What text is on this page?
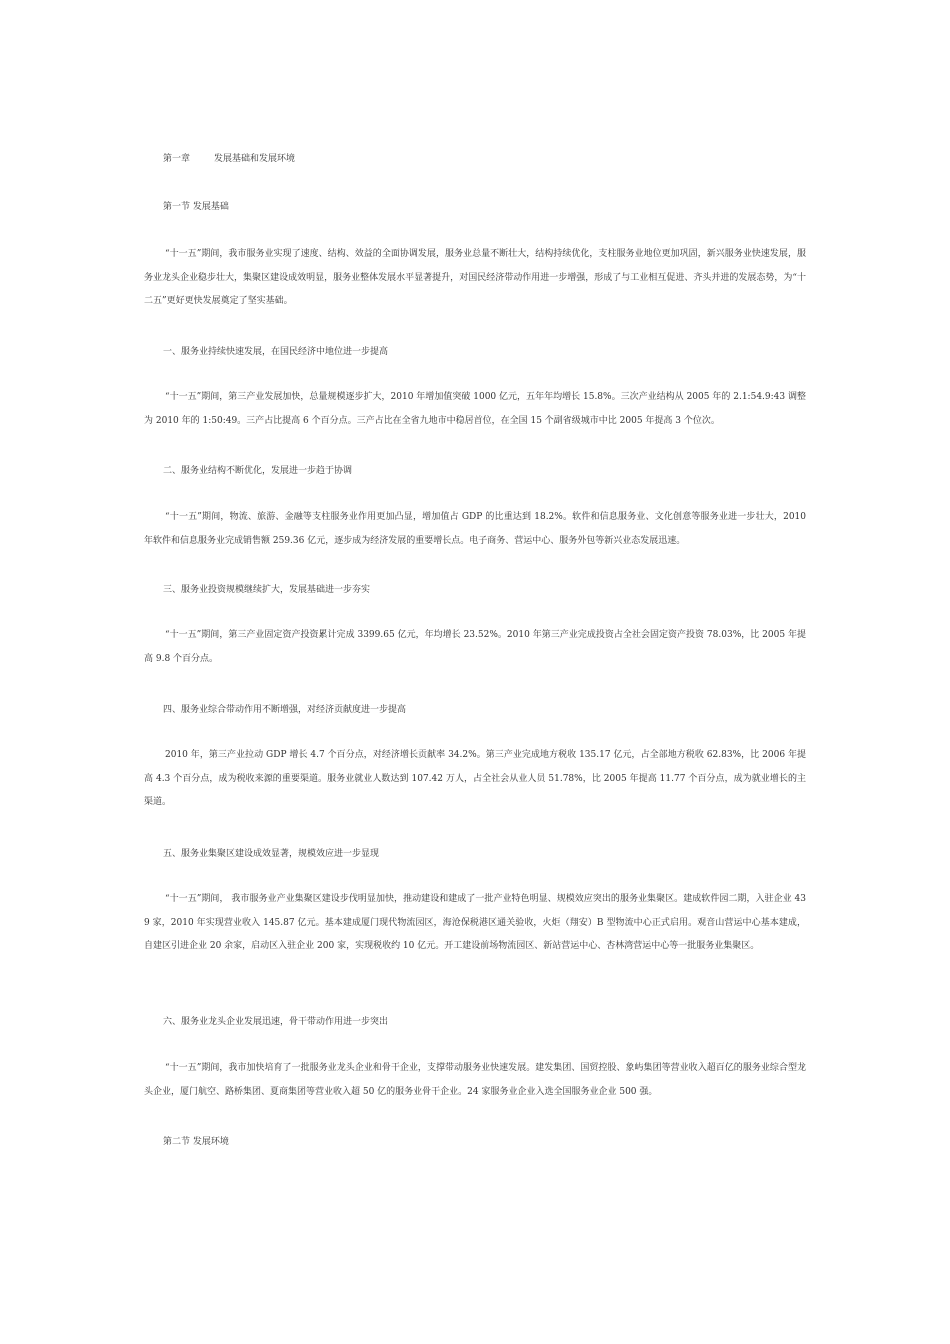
第一章	发展基础和发展环境
第一节 发展基础
“十一五”期间，我市服务业实现了速度、结构、效益的全面协调发展，服务业总量不断壮大，结构持续优化，支柱服务业地位更加巩固，新兴服务业快速发展，服务业龙头企业稳步壮大，集聚区建设成效明显，服务业整体发展水平显著提升，对国民经济带动作用进一步增强，形成了与工业相互促进、齐头并进的发展态势，为“十二五”更好更快发展奠定了坚实基础。
一、服务业持续快速发展，在国民经济中地位进一步提高
“十一五”期间，第三产业发展加快，总量规模逐步扩大，2010 年增加值突破 1000 亿元，五年年均增长 15.8%。三次产业结构从 2005 年的 2.1:54.9:43 调整为 2010 年的 1:50:49。三产占比提高 6 个百分点。三产占比在全省九地市中稳居首位，在全国 15 个副省级城市中比 2005 年提高 3 个位次。
二、服务业结构不断优化，发展进一步趋于协调
“十一五”期间，物流、旅游、金融等支柱服务业作用更加凸显，增加值占 GDP 的比重达到 18.2%。软件和信息服务业、文化创意等服务业进一步壮大，2010 年软件和信息服务业完成销售额 259.36 亿元，逐步成为经济发展的重要增长点。电子商务、营运中心、服务外包等新兴业态发展迅速。
三、服务业投资规模继续扩大，发展基础进一步夯实
“十一五”期间，第三产业固定资产投资累计完成 3399.65 亿元，年均增长 23.52%。2010 年第三产业完成投资占全社会固定资产投资 78.03%，比 2005 年提高 9.8 个百分点。
四、服务业综合带动作用不断增强，对经济贡献度进一步提高
2010 年，第三产业拉动 GDP 增长 4.7 个百分点，对经济增长贡献率 34.2%。第三产业完成地方税收 135.17 亿元，占全部地方税收 62.83%，比 2006 年提高 4.3 个百分点，成为税收来源的重要渠道。服务业就业人数达到 107.42 万人，占全社会从业人员 51.78%，比 2005 年提高 11.77 个百分点，成为就业增长的主渠道。
五、服务业集聚区建设成效显著，规模效应进一步显现
“十一五”期间， 我市服务业产业集聚区建设步伐明显加快，推动建设和建成了一批产业特色明显、规模效应突出的服务业集聚区。建成软件园二期，入驻企业 439 家，2010 年实现营业收入 145.87 亿元。基本建成厦门现代物流园区，海沧保税港区通关验收，火炬（翔安）B 型物流中心正式启用。观音山营运中心基本建成，自建区引进企业 20 余家，启动区入驻企业 200 家，实现税收约 10 亿元。开工建设前场物流园区、新站营运中心、杏林湾营运中心等一批服务业集聚区。
六、服务业龙头企业发展迅速，骨干带动作用进一步突出
“十一五”期间，我市加快培育了一批服务业龙头企业和骨干企业，支撑带动服务业快速发展。建发集团、国贸控股、象屿集团等营业收入超百亿的服务业综合型龙头企业，厦门航空、路桥集团、夏商集团等营业收入超 50 亿的服务业骨干企业。24 家服务业企业入选全国服务业企业 500 强。
第二节 发展环境
